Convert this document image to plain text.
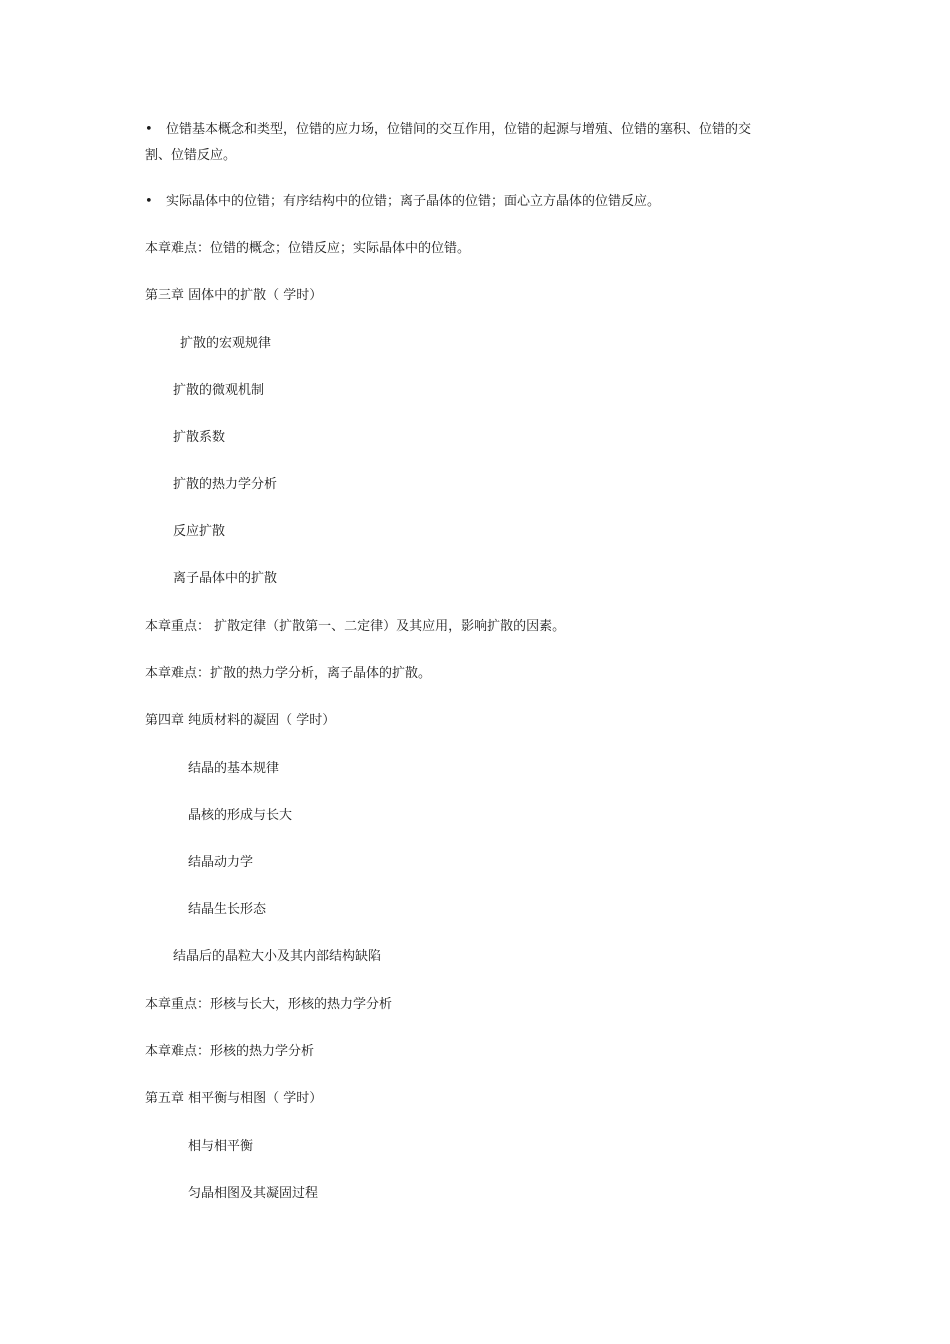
•	位错基本概念和类型，位错的应力场，位错间的交互作用，位错的起源与增殖、位错的塞积、位错的交
割、位错反应。
•	实际晶体中的位错；有序结构中的位错；离子晶体的位错；面心立方晶体的位错反应。
本章难点：位错的概念；位错反应；实际晶体中的位错。
第三章 固体中的扩散（ 学时）
扩散的宏观规律
扩散的微观机制
扩散系数
扩散的热力学分析
反应扩散
离子晶体中的扩散
本章重点： 扩散定律（扩散第一、二定律）及其应用，影响扩散的因素。
本章难点：扩散的热力学分析，离子晶体的扩散。
第四章 纯质材料的凝固（ 学时）
结晶的基本规律
晶核的形成与长大
结晶动力学
结晶生长形态
结晶后的晶粒大小及其内部结构缺陷
本章重点：形核与长大，形核的热力学分析
本章难点：形核的热力学分析
第五章 相平衡与相图（ 学时）
相与相平衡
匀晶相图及其凝固过程
